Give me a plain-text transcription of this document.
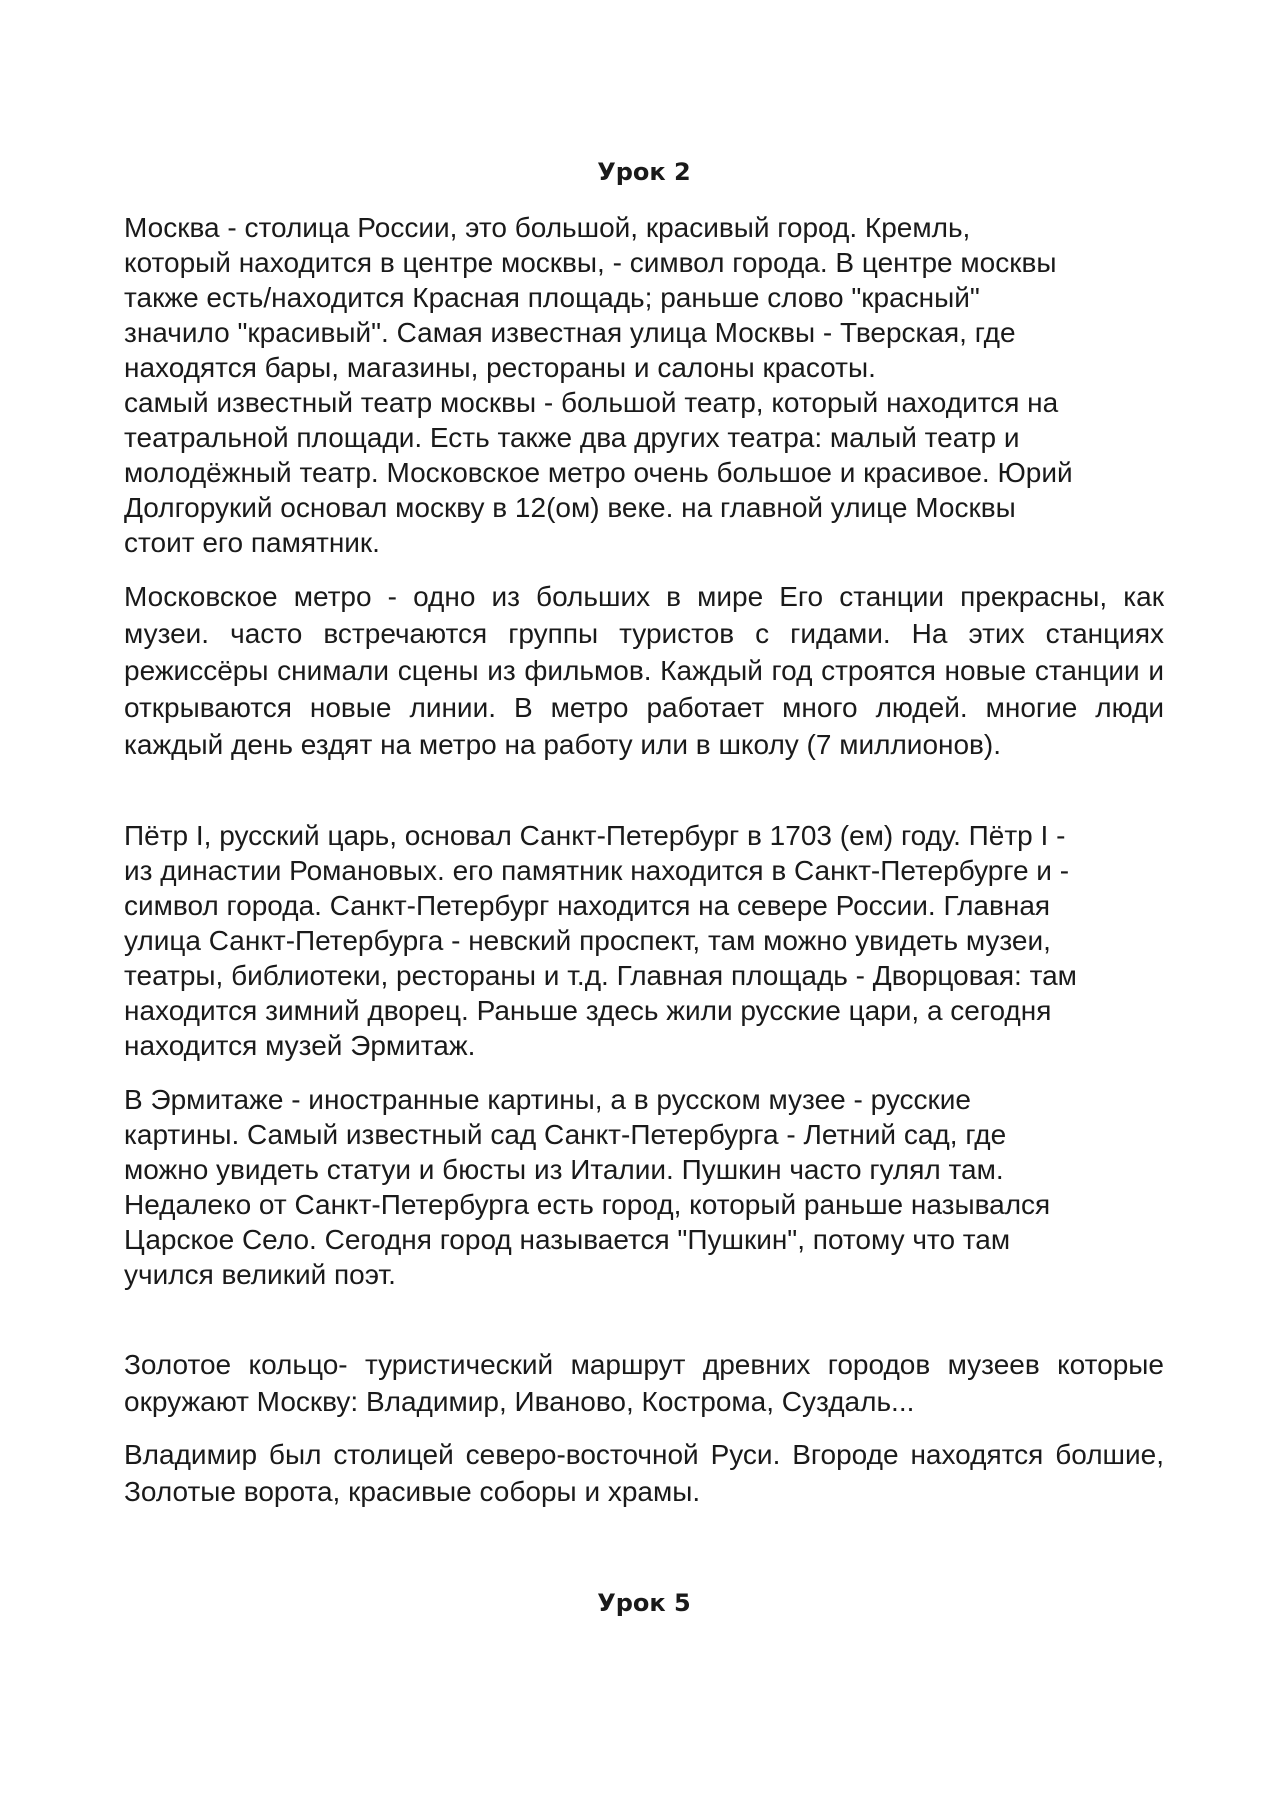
Урок 2

Москва - столица России, это большой, красивый город. Кремль,

который находится в центре москвы, - символ города. В центре москвы

также есть/находится Красная площадь; раньше слово "красный"

значило "красивый". Самая известная улица Москвы - Тверская, где

находятся бары, магазины, рестораны и салоны красоты.

самый известный театр москвы - большой театр, который находится на

театральной площади. Есть также два других театра: малый театр и

молодёжный театр. Московское метро очень большое и красивое. Юрий

Долгорукий основал москву в 12(ом) веке. на главной улице Москвы

стоит его памятник.

Московское метро - одно из больших в мире Его станции прекрасны, как музеи. часто встречаются группы туристов с гидами. На этих станциях режиссёры снимали сцены из фильмов. Каждый год строятся новые станции и открываются новые линии. В метро работает много людей. многие люди каждый день ездят на метро на работу или в школу (7 миллионов).

Пётр I, русский царь, основал Санкт-Петербург в 1703 (ем) году. Пётр I -

из династии Романовых. его памятник находится в Санкт-Петербурге и -

символ города. Санкт-Петербург находится на севере России. Главная

улица Санкт-Петербурга - невский проспект, там можно увидеть музеи,

театры, библиотеки, рестораны и т.д. Главная площадь - Дворцовая: там

находится зимний дворец. Раньше здесь жили русские цари, а сегодня

находится музей Эрмитаж.

В Эрмитаже - иностранные картины, а в русском музее - русские

картины. Самый известный сад Санкт-Петербурга - Летний сад, где

можно увидеть статуи и бюсты из Италии. Пушкин часто гулял там.

Недалеко от Санкт-Петербурга есть город, который раньше назывался

Царское Село. Сегодня город называется "Пушкин", потому что там

учился великий поэт.

Золотое кольцо- туристический маршрут древних городов музеев которые окружают Москву: Владимир, Иваново, Кострома, Суздаль...

Владимир был столицей северо-восточной Руси. Вгороде находятся болшие, Золотые ворота, красивые соборы и храмы.

Урок 5
